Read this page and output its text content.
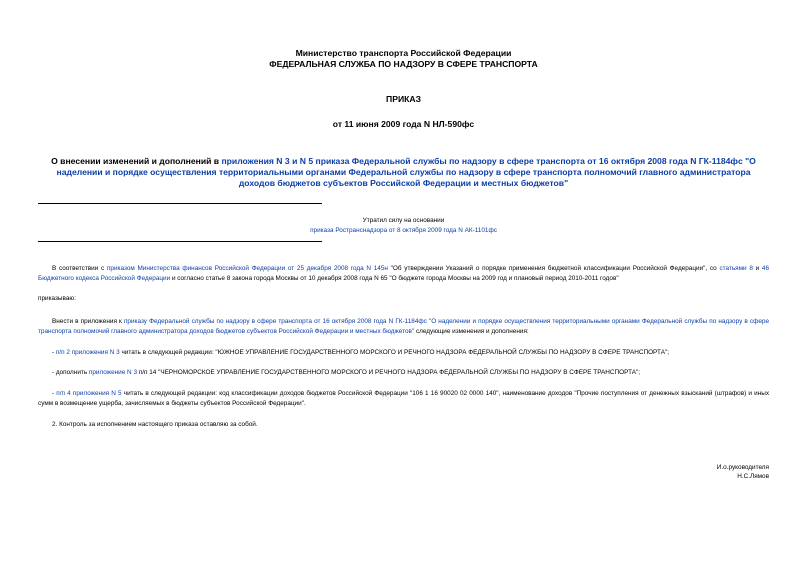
Министерство транспорта Российской Федерации
ФЕДЕРАЛЬНАЯ СЛУЖБА ПО НАДЗОРУ В СФЕРЕ ТРАНСПОРТА
ПРИКАЗ
от 11 июня 2009 года N НЛ-590фс
О внесении изменений и дополнений в приложения N 3 и N 5 приказа Федеральной службы по надзору в сфере транспорта от 16 октября 2008 года N ГК-1184фс "О наделении и порядке осуществления территориальными органами Федеральной службы по надзору в сфере транспорта полномочий главного администратора доходов бюджетов субъектов Российской Федерации и местных бюджетов"
Утратил силу на основании
приказа Ространснадзора от 8 октября 2009 года N АК-1101фс
В соответствии с приказом Министерства финансов Российской Федерации от 25 декабря 2008 года N 145н "Об утверждении Указаний о порядке применения бюджетной классификации Российской Федерации", со статьями 8 и 46 Бюджетного кодекса Российской Федерации и согласно статье 8 закона города Москвы от 10 декабря 2008 года N 65 "О бюджете города Москвы на 2009 год и плановый период 2010-2011 годов"
приказываю:
Внести в приложения к приказу Федеральной службы по надзору в сфере транспорта от 16 октября 2008 года N ГК-1184фс "О наделении и порядке осуществления территориальными органами Федеральной службы по надзору в сфере транспорта полномочий главного администратора доходов бюджетов субъектов Российской Федерации и местных бюджетов" следующие изменения и дополнения:
- п/п 2 приложения N 3 читать в следующей редакции: "ЮЖНОЕ УПРАВЛЕНИЕ ГОСУДАРСТВЕННОГО МОРСКОГО И РЕЧНОГО НАДЗОРА ФЕДЕРАЛЬНОЙ СЛУЖБЫ ПО НАДЗОРУ В СФЕРЕ ТРАНСПОРТА";
- дополнить приложение N 3 п/п 14 "ЧЕРНОМОРСКОЕ УПРАВЛЕНИЕ ГОСУДАРСТВЕННОГО МОРСКОГО И РЕЧНОГО НАДЗОРА ФЕДЕРАЛЬНОЙ СЛУЖБЫ ПО НАДЗОРУ В СФЕРЕ ТРАНСПОРТА";
- п/п 4 приложения N 5 читать в следующей редакции: код классификации доходов бюджетов Российской Федерации "106 1 16 90020 02 0000 140", наименование доходов "Прочие поступления от денежных взысканий (штрафов) и иных сумм в возмещение ущерба, зачисляемых в бюджеты субъектов Российской Федерации".
2. Контроль за исполнением настоящего приказа оставляю за собой.
И.о.руководителя
Н.С.Лямов
